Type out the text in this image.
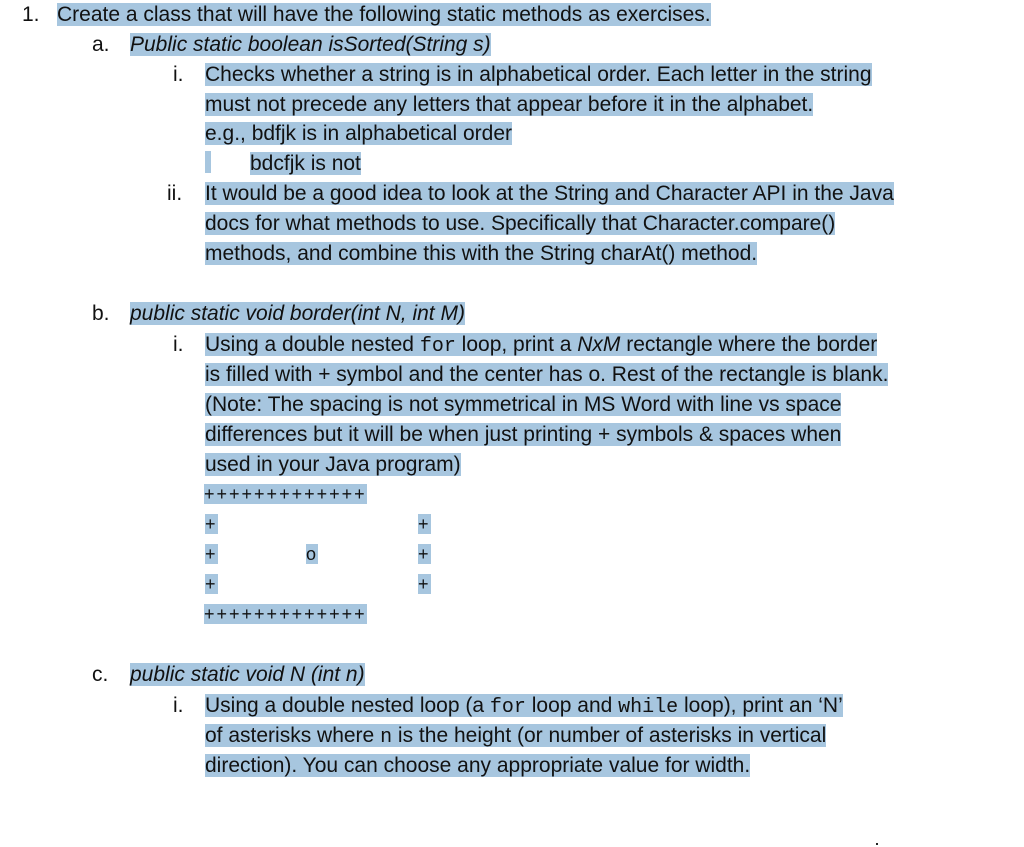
1. Create a class that will have the following static methods as exercises.
a. Public static boolean isSorted(String s)
i. Checks whether a string is in alphabetical order. Each letter in the string
must not precede any letters that appear before it in the alphabet.
e.g., bdfjk is in alphabetical order
bdcfjk is not
ii. It would be a good idea to look at the String and Character API in the Java
docs for what methods to use. Specifically that Character.compare()
methods, and combine this with the String charAt() method.
b. public static void border(int N, int M)
i. Using a double nested for loop, print a NxM rectangle where the border
is filled with + symbol and the center has o. Rest of the rectangle is blank.
(Note: The spacing is not symmetrical in MS Word with line vs space
differences but it will be when just printing + symbols & spaces when
used in your Java program)
+++++++++++++
+	+
+	o	+
+	+
+++++++++++++
c. public static void N (int n)
i. Using a double nested loop (a for loop and while loop), print an ‘N’
of asterisks where n is the height (or number of asterisks in vertical
direction). You can choose any appropriate value for width.
